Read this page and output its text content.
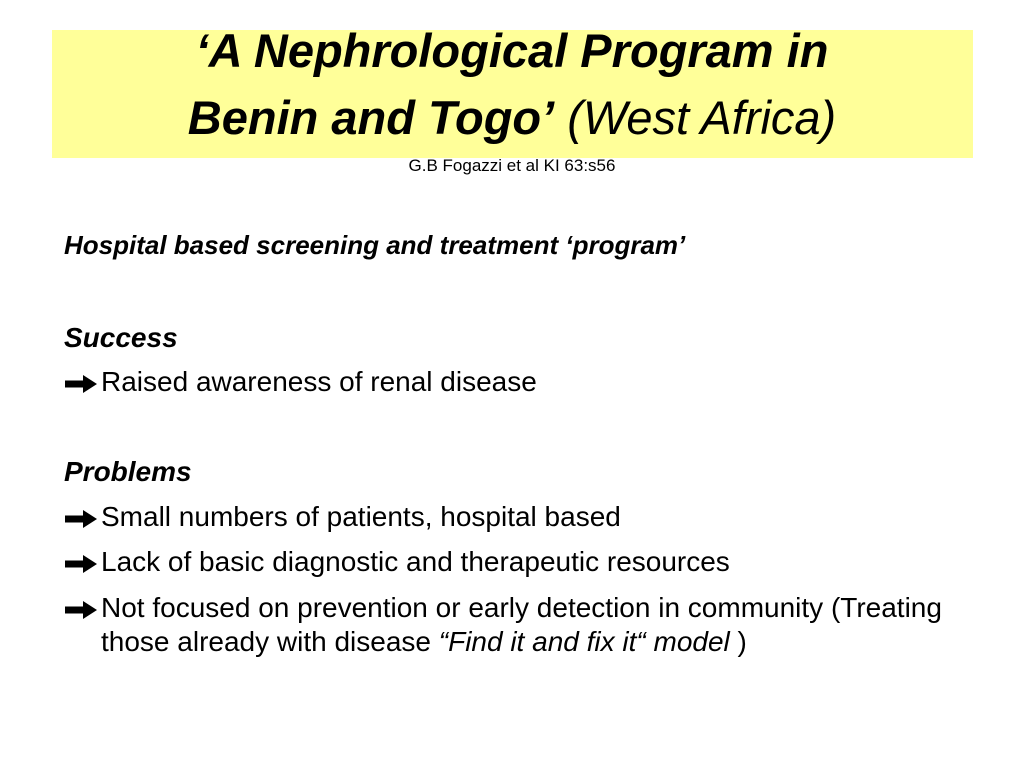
‘A Nephrological Program in
Benin and Togo’ (West Africa)
G.B Fogazzi et al KI 63:s56
Hospital based screening and treatment ‘program’
Success
Raised awareness of renal disease
Problems
Small numbers of patients, hospital based
Lack of basic diagnostic and therapeutic resources
Not focused on prevention or early detection in community (Treating those already with disease “Find it and fix it“ model )
